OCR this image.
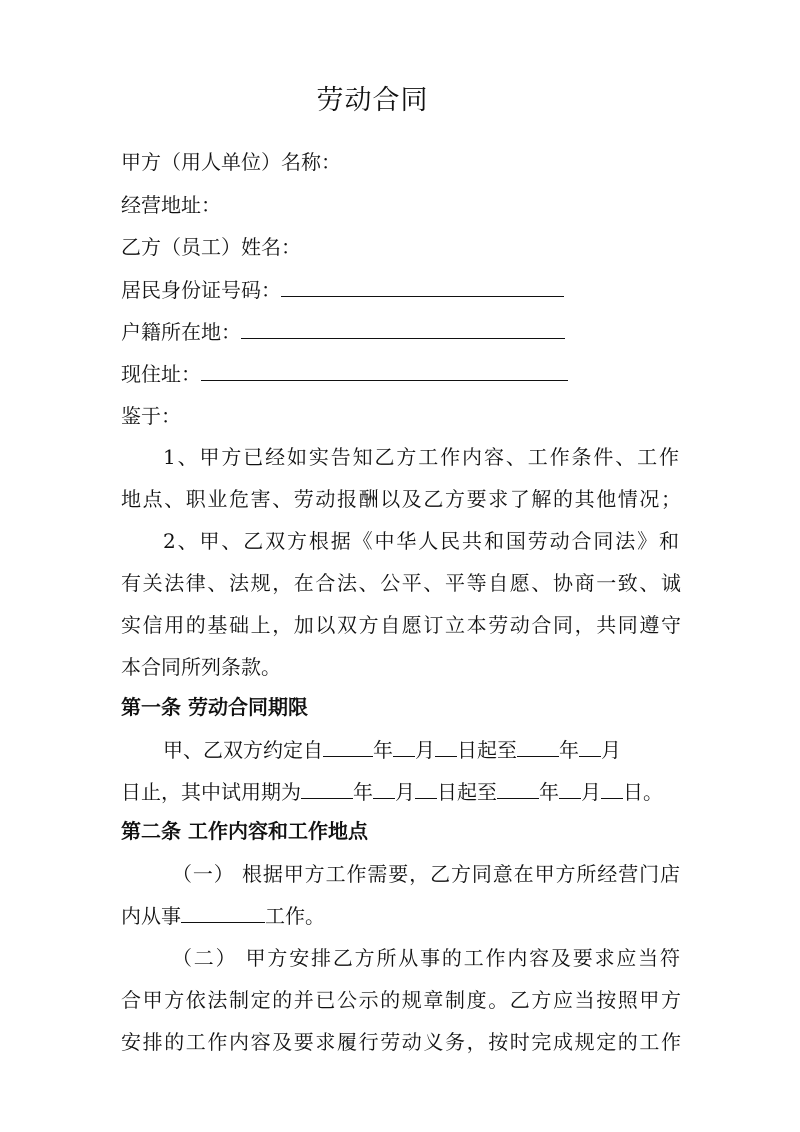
劳动合同
甲方（用人单位）名称：
经营地址：
乙方（员工）姓名：
居民身份证号码：
户籍所在地：
现住址：
鉴于：
1、甲方已经如实告知乙方工作内容、工作条件、工作
地点、职业危害、劳动报酬以及乙方要求了解的其他情况；
2、甲、乙双方根据《中华人民共和国劳动合同法》和
有关法律、法规，在合法、公平、平等自愿、协商一致、诚
实信用的基础上，加以双方自愿订立本劳动合同，共同遵守
本合同所列条款。
第一条 劳动合同期限
甲、乙双方约定自	年 月 日起至 年 月
日止，其中试用期为	年 月 日起至 年 月 日。
第二条 工作内容和工作地点
（一） 根据甲方工作需要，乙方同意在甲方所经营门店
内从事	工作。
（二） 甲方安排乙方所从事的工作内容及要求应当符
合甲方依法制定的并已公示的规章制度。乙方应当按照甲方
安排的工作内容及要求履行劳动义务，按时完成规定的工作
